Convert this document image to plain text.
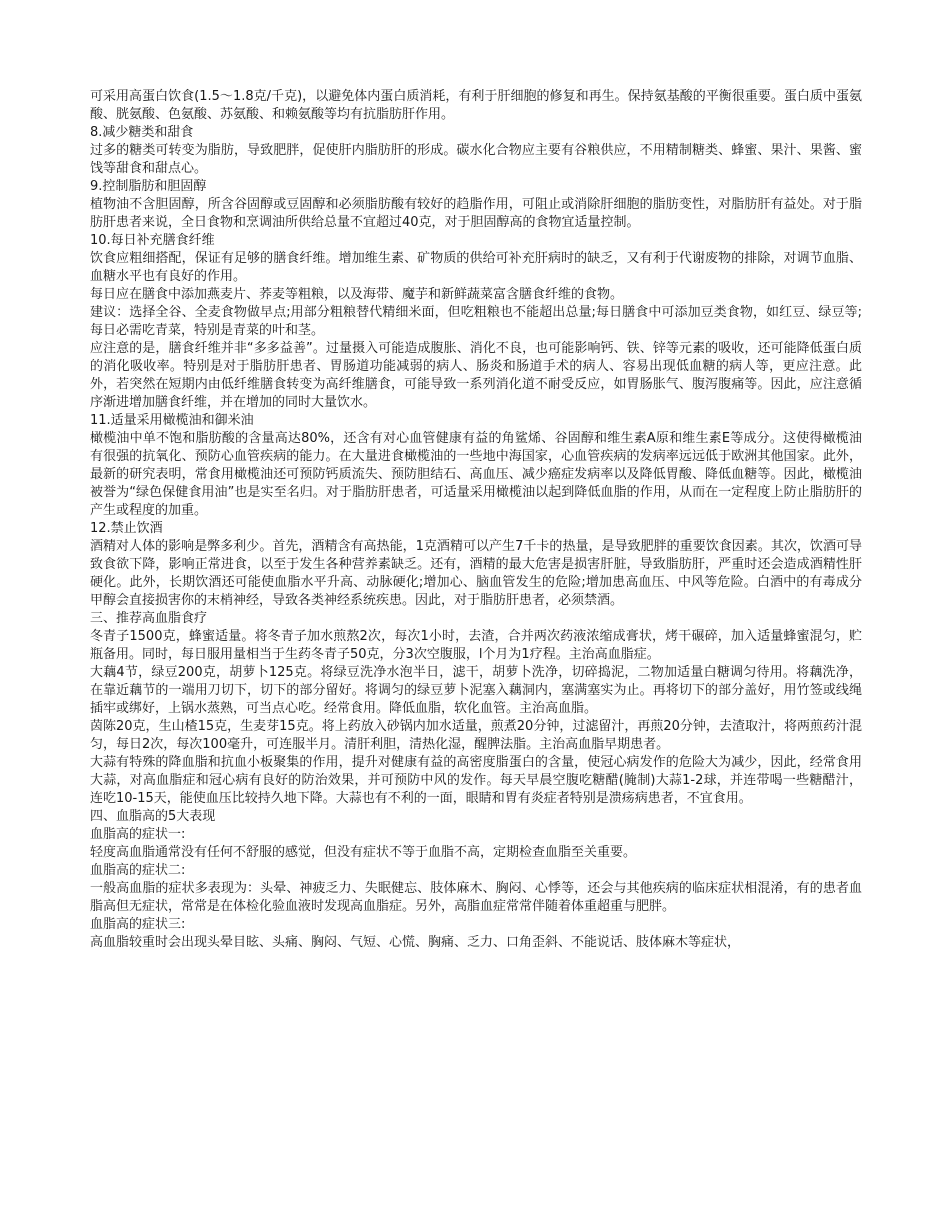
可采用高蛋白饮食(1.5～1.8克/千克)，以避免体内蛋白质消耗，有利于肝细胞的修复和再生。保持氨基酸的平衡很重要。蛋白质中蛋氨酸、胱氨酸、色氨酸、苏氨酸、和赖氨酸等均有抗脂肪肝作用。

8.减少糖类和甜食

过多的糖类可转变为脂肪，导致肥胖，促使肝内脂肪肝的形成。碳水化合物应主要有谷粮供应，不用精制糖类、蜂蜜、果汁、果酱、蜜饯等甜食和甜点心。

9.控制脂肪和胆固醇

植物油不含胆固醇，所含谷固醇或豆固醇和必须脂肪酸有较好的趋脂作用，可阻止或消除肝细胞的脂肪变性，对脂肪肝有益处。对于脂肪肝患者来说，全日食物和烹调油所供给总量不宜超过40克，对于胆固醇高的食物宜适量控制。

10.每日补充膳食纤维

饮食应粗细搭配，保证有足够的膳食纤维。增加维生素、矿物质的供给可补充肝病时的缺乏，又有利于代谢废物的排除，对调节血脂、血糖水平也有良好的作用。

每日应在膳食中添加燕麦片、荞麦等粗粮，以及海带、魔芋和新鲜蔬菜富含膳食纤维的食物。

建议：选择全谷、全麦食物做早点;用部分粗粮替代精细米面，但吃粗粮也不能超出总量;每日膳食中可添加豆类食物，如红豆、绿豆等;每日必需吃青菜，特别是青菜的叶和茎。

应注意的是，膳食纤维并非“多多益善”。过量摄入可能造成腹胀、消化不良，也可能影响钙、铁、锌等元素的吸收，还可能降低蛋白质的消化吸收率。特别是对于脂肪肝患者、胃肠道功能减弱的病人、肠炎和肠道手术的病人、容易出现低血糖的病人等，更应注意。此外，若突然在短期内由低纤维膳食转变为高纤维膳食，可能导致一系列消化道不耐受反应，如胃肠胀气、腹泻腹痛等。因此，应注意循序渐进增加膳食纤维，并在增加的同时大量饮水。

11.适量采用橄榄油和御米油

橄榄油中单不饱和脂肪酸的含量高达80%，还含有对心血管健康有益的角鲨烯、谷固醇和维生素A原和维生素E等成分。这使得橄榄油有很强的抗氧化、预防心血管疾病的能力。在大量进食橄榄油的一些地中海国家，心血管疾病的发病率远远低于欧洲其他国家。此外，最新的研究表明，常食用橄榄油还可预防钙质流失、预防胆结石、高血压、减少癌症发病率以及降低胃酸、降低血糖等。因此，橄榄油被誉为“绿色保健食用油”也是实至名归。对于脂肪肝患者，可适量采用橄榄油以起到降低血脂的作用，从而在一定程度上防止脂肪肝的产生或程度的加重。

12.禁止饮酒

酒精对人体的影响是弊多利少。首先，酒精含有高热能，1克酒精可以产生7千卡的热量，是导致肥胖的重要饮食因素。其次，饮酒可导致食欲下降，影响正常进食，以至于发生各种营养素缺乏。还有，酒精的最大危害是损害肝脏，导致脂肪肝，严重时还会造成酒精性肝硬化。此外，长期饮酒还可能使血脂水平升高、动脉硬化;增加心、脑血管发生的危险;增加患高血压、中风等危险。白酒中的有毒成分甲醇会直接损害你的末梢神经，导致各类神经系统疾患。因此，对于脂肪肝患者，必须禁酒。

三、推荐高血脂食疗

冬青子1500克，蜂蜜适量。将冬青子加水煎熬2次，每次1小时，去渣，合并两次药液浓缩成膏状，烤干碾碎，加入适量蜂蜜混匀，贮瓶备用。同时，每日服用量相当于生药冬青子50克，分3次空腹服，l个月为1疗程。主治高血脂症。

大藕4节，绿豆200克，胡萝卜125克。将绿豆洗净水泡半日，滤干，胡萝卜洗净，切碎捣泥，二物加适量白糖调匀待用。将藕洗净，在靠近藕节的一端用刀切下，切下的部分留好。将调匀的绿豆萝卜泥塞入藕洞内，塞满塞实为止。再将切下的部分盖好，用竹签或线绳插牢或绑好，上锅水蒸熟，可当点心吃。经常食用。降低血脂，软化血管。主治高血脂。

茵陈20克，生山楂15克，生麦芽15克。将上药放入砂锅内加水适量，煎煮20分钟，过滤留汁，再煎20分钟，去渣取汁，将两煎药汁混匀，每日2次，每次100毫升，可连服半月。清肝利胆，清热化湿，醒脾法脂。主治高血脂早期患者。

大蒜有特殊的降血脂和抗血小板聚集的作用，提升对健康有益的高密度脂蛋白的含量，使冠心病发作的危险大为减少，因此，经常食用大蒜，对高血脂症和冠心病有良好的防治效果，并可预防中风的发作。每天早晨空腹吃糖醋(腌制)大蒜1-2球，并连带喝一些糖醋汁，连吃10-15天，能使血压比较持久地下降。大蒜也有不利的一面，眼睛和胃有炎症者特别是溃疡病患者，不宜食用。

四、血脂高的5大表现

血脂高的症状一:

轻度高血脂通常没有任何不舒服的感觉，但没有症状不等于血脂不高，定期检查血脂至关重要。

血脂高的症状二:

一般高血脂的症状多表现为：头晕、神疲乏力、失眠健忘、肢体麻木、胸闷、心悸等，还会与其他疾病的临床症状相混淆，有的患者血脂高但无症状，常常是在体检化验血液时发现高血脂症。另外，高脂血症常常伴随着体重超重与肥胖。

血脂高的症状三:

高血脂较重时会出现头晕目眩、头痛、胸闷、气短、心慌、胸痛、乏力、口角歪斜、不能说话、肢体麻木等症状，
